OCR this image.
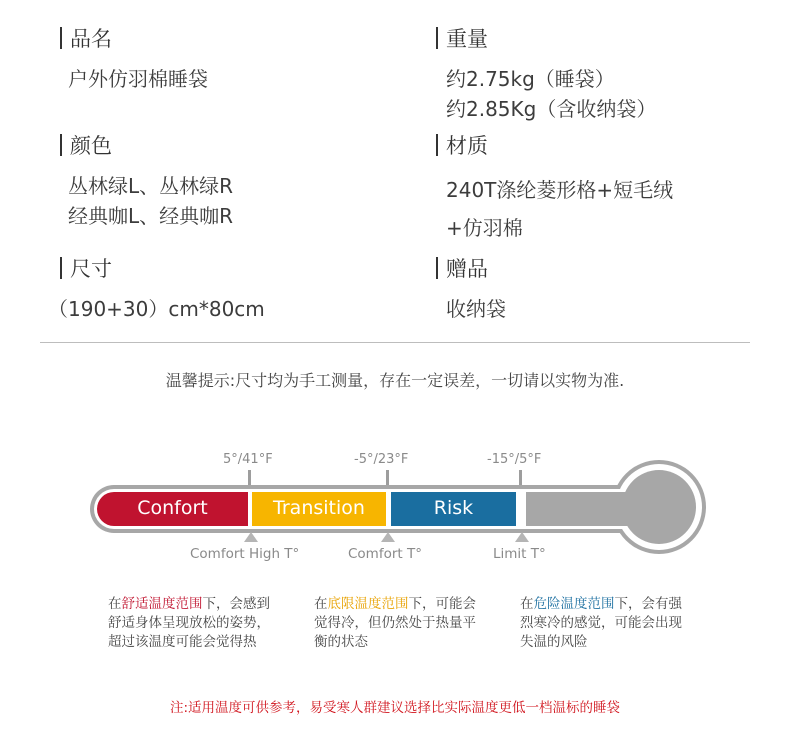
品名
户外仿羽棉睡袋
重量
约2.75kg（睡袋）
约2.85Kg（含收纳袋）
颜色
丛林绿L、丛林绿R
经典咖L、经典咖R
材质
240T涤纶菱形格+短毛绒
+仿羽棉
尺寸
（190+30）cm*80cm
赠品
收纳袋
温馨提示:尺寸均为手工测量，存在一定误差，一切请以实物为准.
5°/41°F	-5°/23°F	-15°/5°F
Confort	Transition	Risk
Comfort High T°	Comfort T°	Limit T°
在舒适温度范围下，会感到舒适身体呈现放松的姿势，超过该温度可能会觉得热
在底限温度范围下，可能会觉得冷，但仍然处于热量平衡的状态
在危险温度范围下，会有强烈寒冷的感觉，可能会出现失温的风险
注:适用温度可供参考，易受寒人群建议选择比实际温度更低一档温标的睡袋
